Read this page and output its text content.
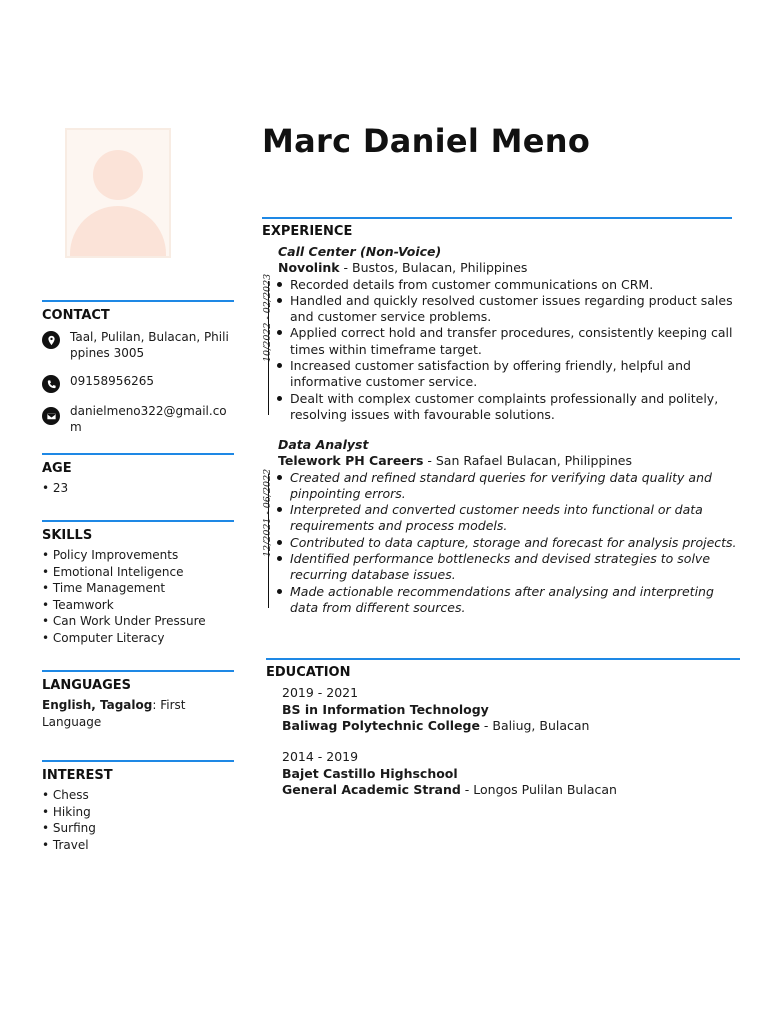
Marc Daniel Meno
CONTACT
Taal, Pulilan, Bulacan, Philippines 3005
09158956265
danielmeno322@gmail.com
AGE
• 23
SKILLS
• Policy Improvements
• Emotional Inteligence
• Time Management
• Teamwork
• Can Work Under Pressure
• Computer Literacy
LANGUAGES
English, Tagalog: First Language
INTEREST
• Chess
• Hiking
• Surfing
• Travel
EXPERIENCE
Call Center (Non-Voice)
Novolink - Bustos, Bulacan, Philippines
Recorded details from customer communications on CRM.
Handled and quickly resolved customer issues regarding product sales and customer service problems.
Applied correct hold and transfer procedures, consistently keeping call times within timeframe target.
Increased customer satisfaction by offering friendly, helpful and informative customer service.
Dealt with complex customer complaints professionally and politely, resolving issues with favourable solutions.
10/2022 - 02/2023
Data Analyst
Telework PH Careers - San Rafael Bulacan, Philippines
Created and refined standard queries for verifying data quality and pinpointing errors.
Interpreted and converted customer needs into functional or data requirements and process models.
Contributed to data capture, storage and forecast for analysis projects.
Identified performance bottlenecks and devised strategies to solve recurring database issues.
Made actionable recommendations after analysing and interpreting data from different sources.
12/2021 - 06/2022
EDUCATION
2019 - 2021
BS in Information Technology
Baliwag Polytechnic College - Baliug, Bulacan
2014 - 2019
Bajet Castillo Highschool
General Academic Strand - Longos Pulilan Bulacan
